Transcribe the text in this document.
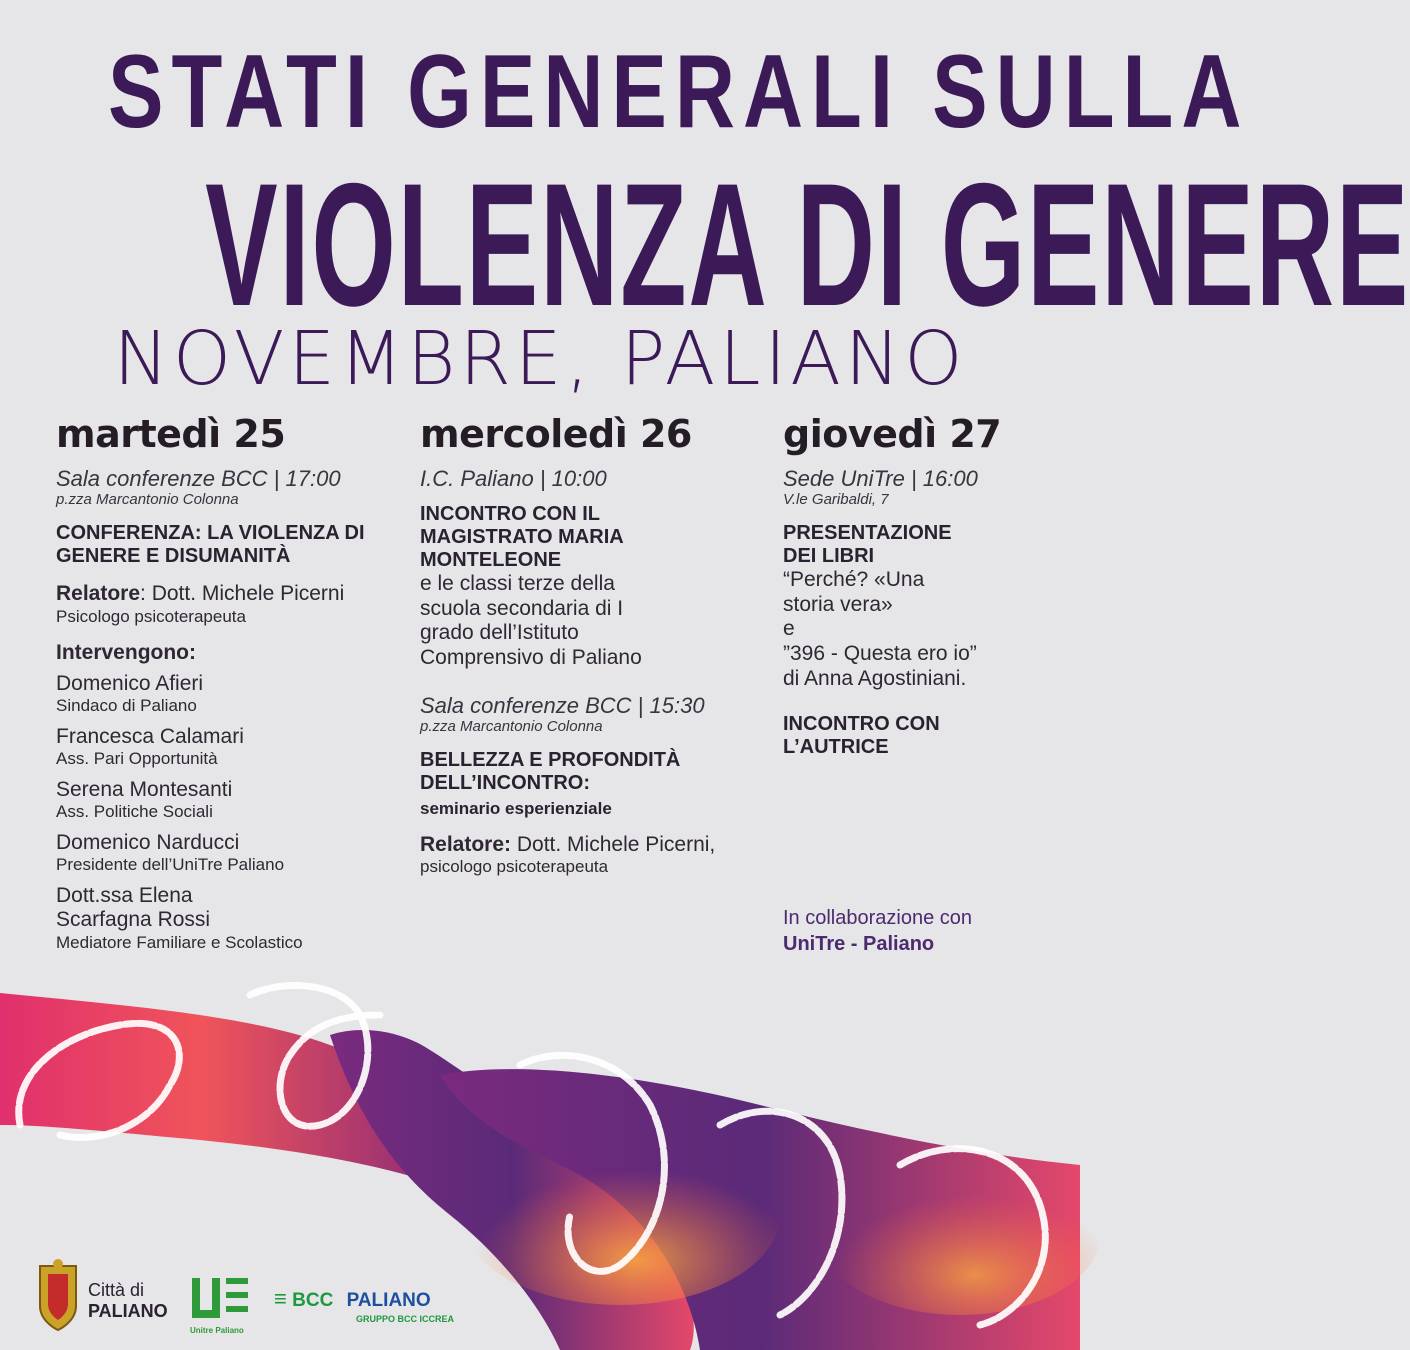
STATI GENERALI SULLA
VIOLENZA DI GENERE
NOVEMBRE, PALIANO
martedì 25
Sala conferenze BCC | 17:00
p.zza Marcantonio Colonna
CONFERENZA: LA VIOLENZA DI GENERE E DISUMANITÀ
Relatore: Dott. Michele Picerni
Psicologo psicoterapeuta
Intervengono:
Domenico Afieri
Sindaco di Paliano
Francesca Calamari
Ass. Pari Opportunità
Serena Montesanti
Ass. Politiche Sociali
Domenico Narducci
Presidente dell’UniTre Paliano
Dott.ssa Elena Scarfagna Rossi
Mediatore Familiare e Scolastico
mercoledì 26
I.C. Paliano | 10:00
INCONTRO CON IL MAGISTRATO MARIA MONTELEONE
e le classi terze della scuola secondaria di I grado dell’Istituto Comprensivo di Paliano
Sala conferenze BCC | 15:30
p.zza Marcantonio Colonna
BELLEZZA E PROFONDITÀ DELL’INCONTRO:
seminario esperienziale
Relatore: Dott. Michele Picerni,
psicologo psicoterapeuta
giovedì 27
Sede UniTre | 16:00
V.le Garibaldi, 7
PRESENTAZIONE DEI LIBRI
“Perché? «Una storia vera»
e
”396 - Questa ero io”
di Anna Agostiniani.
INCONTRO CON L’AUTRICE
In collaborazione con
UniTre - Paliano
Città di
PALIANO
Unitre Paliano
≡ BCC PALIANO
GRUPPO BCC ICCREA
